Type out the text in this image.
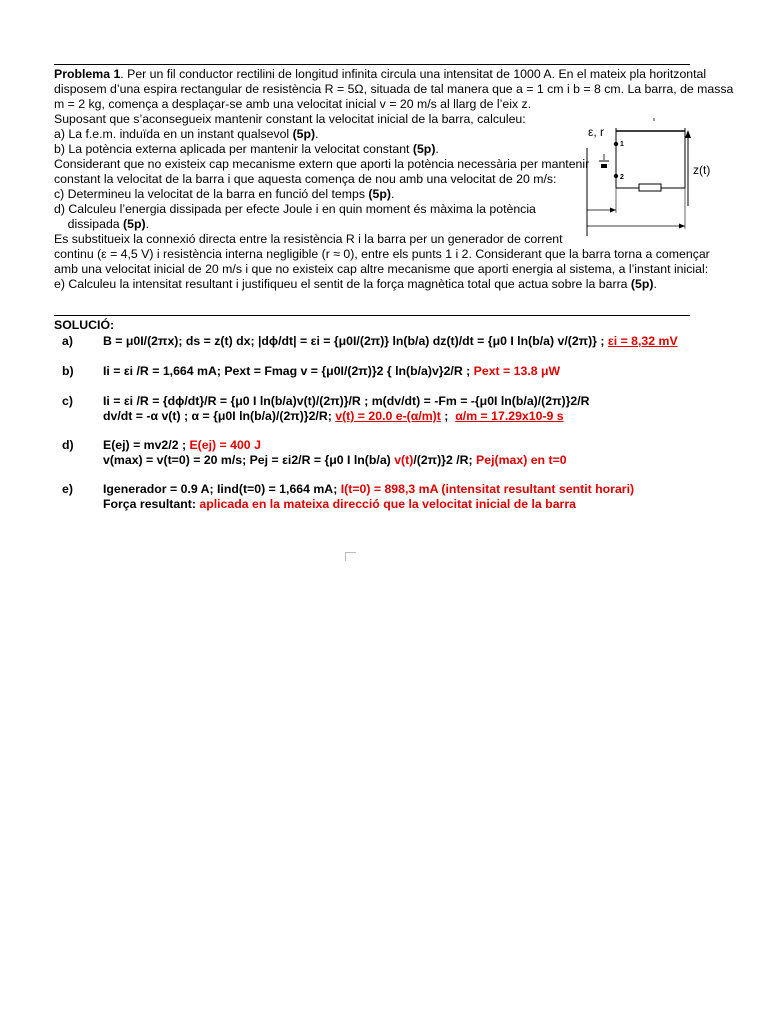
Problema 1. Per un fil conductor rectilini de longitud infinita circula una intensitat de 1000 A. En el mateix pla horitzontal
disposem d’una espira rectangular de resistència R = 5Ω, situada de tal manera que a = 1 cm i b = 8 cm. La barra, de massa
m = 2 kg, comença a desplaçar-se amb una velocitat inicial v = 20 m/s al llarg de l’eix z.
Suposant que s’aconsegueix mantenir constant la velocitat inicial de la barra, calculeu:
a) La f.e.m. induïda en un instant qualsevol (5p).
b) La potència externa aplicada per mantenir la velocitat constant (5p).
Considerant que no existeix cap mecanisme extern que aporti la potència necessària per mantenir
constant la velocitat de la barra i que aquesta comença de nou amb una velocitat de 20 m/s:
c) Determineu la velocitat de la barra en funció del temps (5p).
d) Calculeu l’energia dissipada per efecte Joule i en quin moment és màxima la potència
dissipada (5p).
Es substitueix la connexió directa entre la resistència R i la barra per un generador de corrent
continu (ε = 4,5 V) i resistència interna negligible (r ≈ 0), entre els punts 1 i 2. Considerant que la barra torna a començar
amb una velocitat inicial de 20 m/s i que no existeix cap altre mecanisme que aporti energia al sistema, a l’instant inicial:
e) Calculeu la intensitat resultant i justifiqueu el sentit de la força magnètica total que actua sobre la barra (5p).
ε, r
1
2
z(t)
SOLUCIÓ:
a) B = μ0I/(2πx); ds = z(t) dx; |dϕ/dt| = εi = {μ0I/(2π)} ln(b/a) dz(t)/dt = {μ0 I ln(b/a) v/(2π)} ; εi = 8,32 mV
b) Ii = εi /R = 1,664 mA; Pext = Fmag v = {μ0I/(2π)}2 { ln(b/a)v}2/R ; Pext = 13.8 μW
c) Ii = εi /R = {dϕ/dt}/R = {μ0 I ln(b/a)v(t)/(2π)}/R ; m(dv/dt) = -Fm = -{μ0I ln(b/a)/(2π)}2/R
dv/dt = -α v(t) ; α = {μ0I ln(b/a)/(2π)}2/R; v(t) = 20.0 e-(α/m)t ;  α/m = 17.29x10-9 s
d) E(ej) = mv2/2 ; E(ej) = 400 J
v(max) = v(t=0) = 20 m/s; Pej = εi2/R = {μ0 I ln(b/a) v(t)/(2π)}2 /R; Pej(max) en t=0
e) Igenerador = 0.9 A; Iind(t=0) = 1,664 mA; I(t=0) = 898,3 mA (intensitat resultant sentit horari)
Força resultant: aplicada en la mateixa direcció que la velocitat inicial de la barra
